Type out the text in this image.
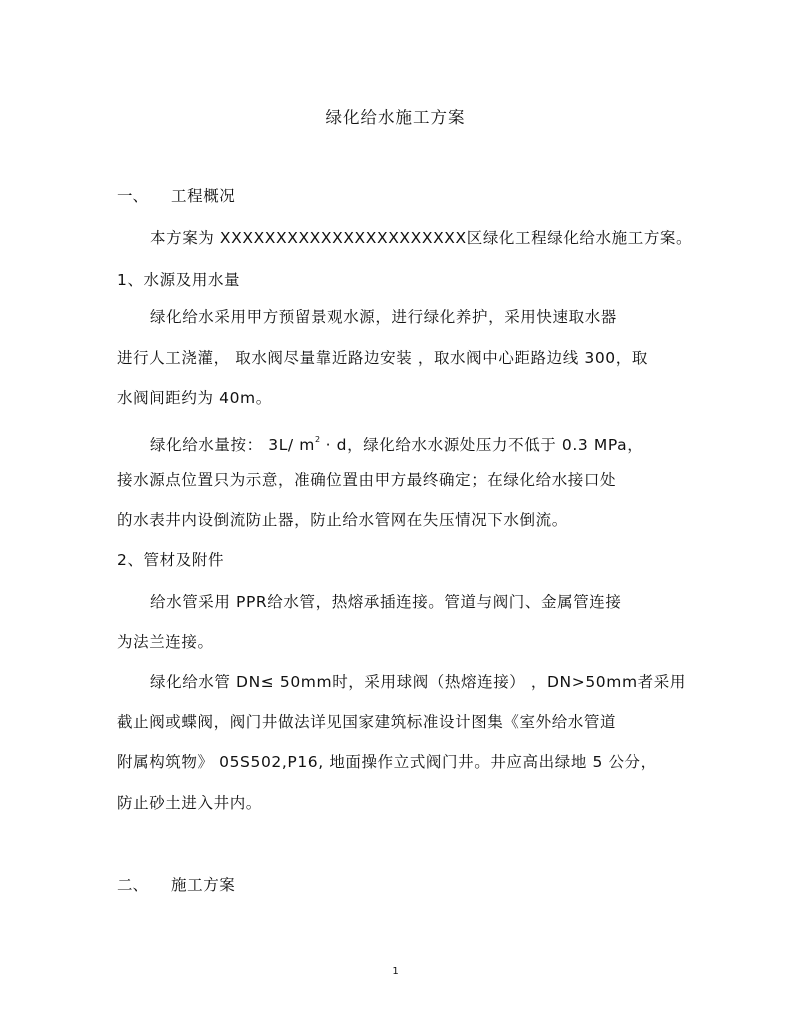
绿化给水施工方案
一、 工程概况
本方案为 XXXXXXXXXXXXXXXXXXXXXX区绿化工程绿化给水施工方案。
1、水源及用水量
绿化给水采用甲方预留景观水源，进行绿化养护，采用快速取水器
进行人工浇灌， 取水阀尽量靠近路边安装 ，取水阀中心距路边线 300，取
水阀间距约为 40m。
绿化给水量按： 3L/ $m^2 \cdot d$，绿化给水水源处压力不低于 0.3 MPa，
接水源点位置只为示意，准确位置由甲方最终确定；在绿化给水接口处
的水表井内设倒流防止器，防止给水管网在失压情况下水倒流。
2、管材及附件
给水管采用 PPR给水管，热熔承插连接。管道与阀门、金属管连接
为法兰连接。
绿化给水管 DN≤ 50mm时，采用球阀（热熔连接） ，DN>50mm者采用
截止阀或蝶阀，阀门井做法详见国家建筑标准设计图集《室外给水管道
附属构筑物》 05S502,P16, 地面操作立式阀门井。井应高出绿地 5 公分，
防止砂土进入井内。
二、 施工方案
1
